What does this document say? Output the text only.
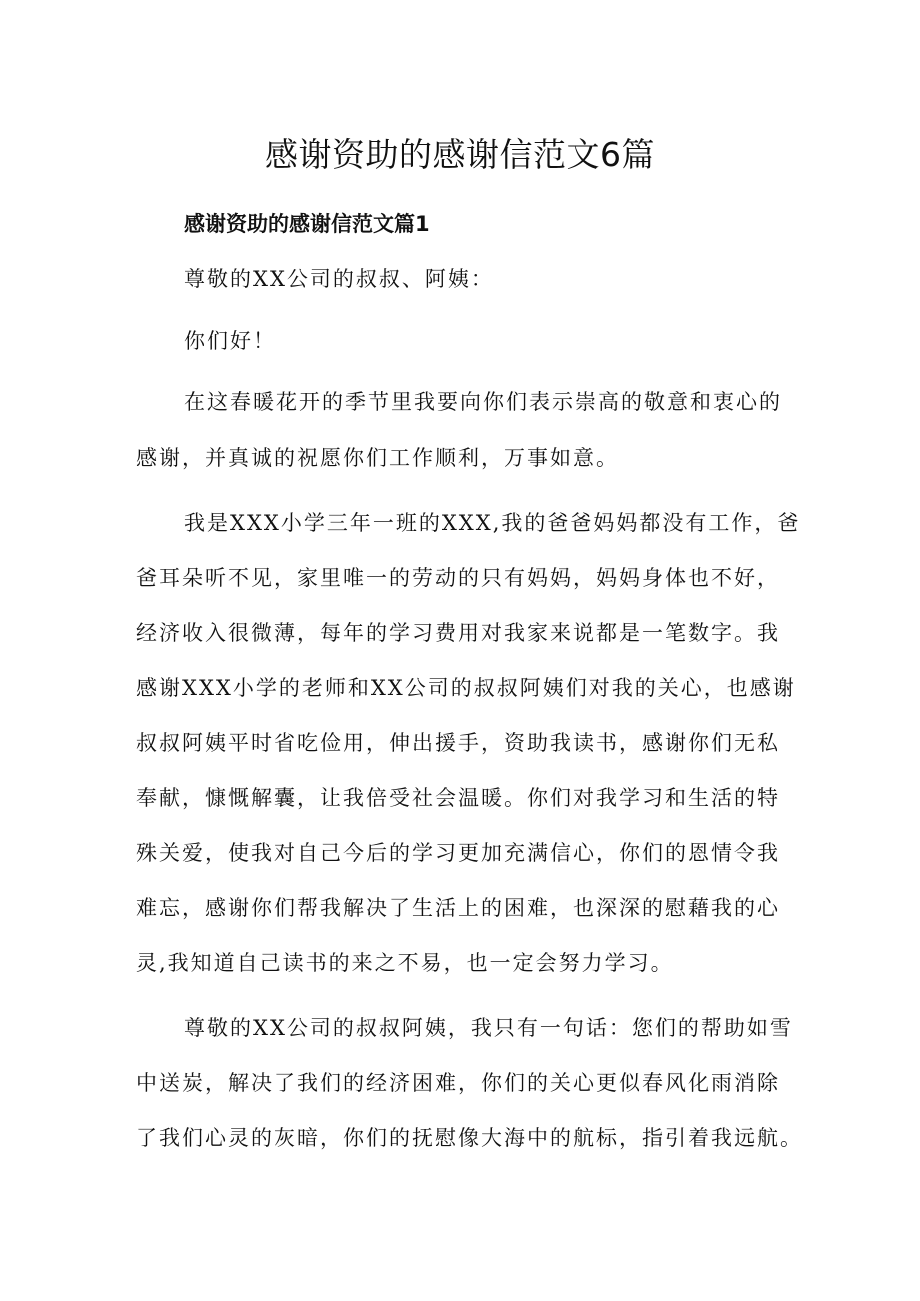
感谢资助的感谢信范文6篇
感谢资助的感谢信范文篇1

尊敬的XX公司的叔叔、阿姨：

你们好！

在这春暖花开的季节里我要向你们表示崇高的敬意和衷心的

感谢，并真诚的祝愿你们工作顺利，万事如意。

我是XXX小学三年一班的XXX,我的爸爸妈妈都没有工作，爸

爸耳朵听不见，家里唯一的劳动的只有妈妈，妈妈身体也不好，

经济收入很微薄，每年的学习费用对我家来说都是一笔数字。我

感谢XXX小学的老师和XX公司的叔叔阿姨们对我的关心，也感谢

叔叔阿姨平时省吃俭用，伸出援手，资助我读书，感谢你们无私

奉献，慷慨解囊，让我倍受社会温暖。你们对我学习和生活的特

殊关爱，使我对自己今后的学习更加充满信心，你们的恩情令我

难忘，感谢你们帮我解决了生活上的困难，也深深的慰藉我的心

灵,我知道自己读书的来之不易，也一定会努力学习。

尊敬的XX公司的叔叔阿姨，我只有一句话：您们的帮助如雪

中送炭，解决了我们的经济困难，你们的关心更似春风化雨消除

了我们心灵的灰暗，你们的抚慰像大海中的航标，指引着我远航。
